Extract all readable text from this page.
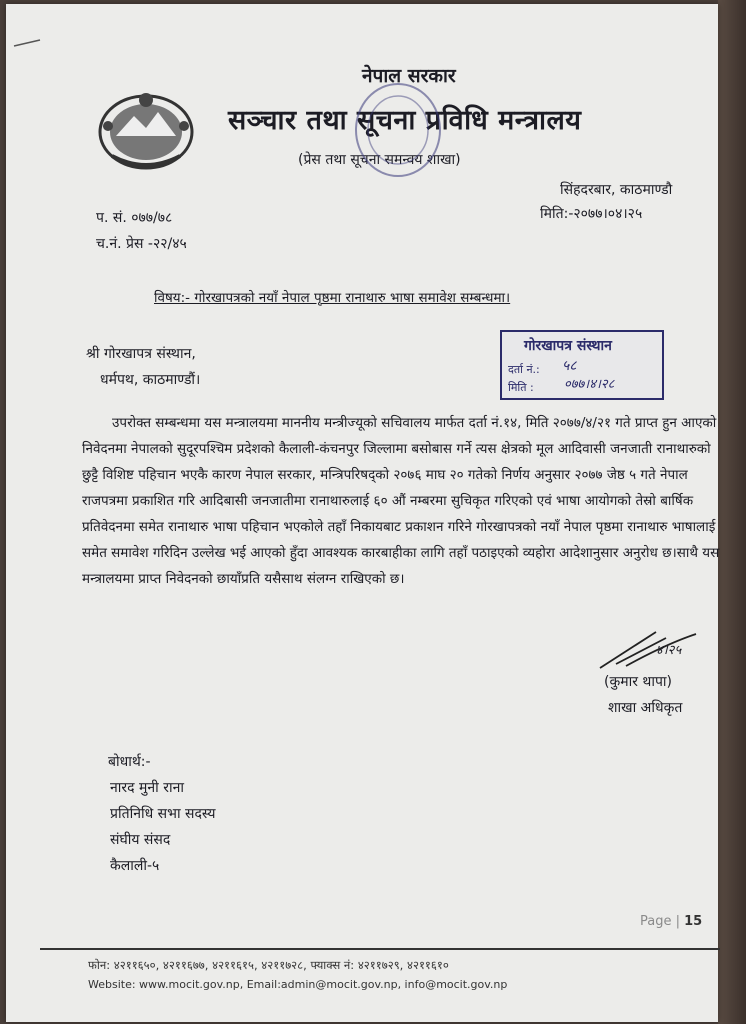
नेपाल सरकार
सञ्चार तथा सूचना प्रविधि मन्त्रालय
(प्रेस तथा सूचना समन्वय शाखा)
सिंहदरबार, काठमाण्डौ
मिति:-२०७७।०४।२५
प. सं. ०७७/७८
च.नं. प्रेस -२२/४५
विषय:- गोरखापत्रको नयाँ नेपाल पृष्ठमा रानाथारु भाषा समावेश सम्बन्धमा।
श्री गोरखापत्र संस्थान,
धर्मपथ, काठमाण्डौं।
गोरखापत्र संस्थान
दर्ता नं.: ५८
मिति : ०७७।४।२८

उपरोक्त सम्बन्धमा यस मन्त्रालयमा माननीय मन्त्रीज्यूको सचिवालय मार्फत दर्ता नं.१४, मिति २०७७/४/२१ गते प्राप्त हुन आएको निवेदनमा नेपालको सुदूरपश्चिम प्रदेशको कैलाली-कंचनपुर जिल्लामा बसोबास गर्ने त्यस क्षेत्रको मूल आदिवासी जनजाती रानाथारुको छुट्टै विशिष्ट पहिचान भएकै कारण नेपाल सरकार, मन्त्रिपरिषद्को २०७६ माघ २० गतेको निर्णय अनुसार २०७७ जेष्ठ ५ गते नेपाल राजपत्रमा प्रकाशित गरि आदिबासी जनजातीमा रानाथारुलाई ६० औं नम्बरमा सुचिकृत गरिएको एवं भाषा आयोगको तेस्रो बार्षिक प्रतिवेदनमा समेत रानाथारु भाषा पहिचान भएकोले तहाँ निकायबाट प्रकाशन गरिने गोरखापत्रको नयाँ नेपाल पृष्ठमा रानाथारु भाषालाई समेत समावेश गरिदिन उल्लेख भई आएको हुँदा आवश्यक कारबाहीका लागि तहाँ पठाइएको व्यहोरा आदेशानुसार अनुरोध छ।साथै यस मन्त्रालयमा प्राप्त निवेदनको छायाँप्रति यसैसाथ संलग्न राखिएको छ।

४।२५
(कुमार थापा)
शाखा अधिकृत
बोधार्थ:-
नारद मुनी राना
प्रतिनिधि सभा सदस्य
संघीय संसद
कैलाली-५
Page | 15
फोन: ४२११६५०, ४२११६७७, ४२११६१५, ४२११७२८, फ्याक्स नं: ४२११७२९, ४२११६१०
Website: www.mocit.gov.np, Email:admin@mocit.gov.np, info@mocit.gov.np
